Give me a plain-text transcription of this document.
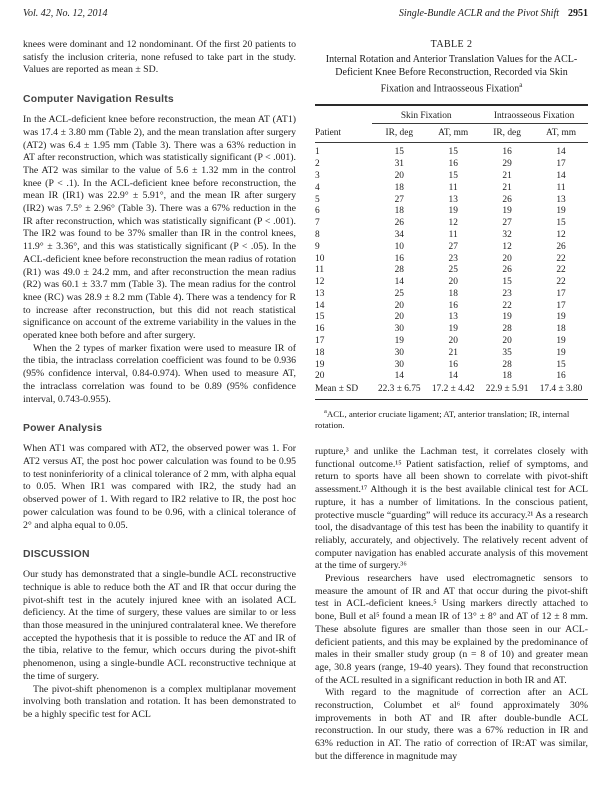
Vol. 42, No. 12, 2014	Single-Bundle ACLR and the Pivot Shift 2951

knees were dominant and 12 nondominant. Of the first 20 patients to satisfy the inclusion criteria, none refused to take part in the study. Values are reported as mean ± SD.

Computer Navigation Results

In the ACL-deficient knee before reconstruction, the mean AT (AT1) was 17.4 ± 3.80 mm (Table 2), and the mean translation after surgery (AT2) was 6.4 ± 1.95 mm (Table 3). There was a 63% reduction in AT after reconstruction, which was statistically significant (P < .001). The AT2 was similar to the value of 5.6 ± 1.32 mm in the control knee (P < .1). In the ACL-deficient knee before reconstruction, the mean IR (IR1) was 22.9° ± 5.91°, and the mean IR after surgery (IR2) was 7.5° ± 2.96° (Table 3). There was a 67% reduction in the IR after reconstruction, which was statistically significant (P < .001). The IR2 was found to be 37% smaller than IR in the control knees, 11.9° ± 3.36°, and this was statistically significant (P < .05). In the ACL-deficient knee before reconstruction the mean radius of rotation (R1) was 49.0 ± 24.2 mm, and after reconstruction the mean radius (R2) was 60.1 ± 33.7 mm (Table 3). The mean radius for the control knee (RC) was 28.9 ± 8.2 mm (Table 4). There was a tendency for R to increase after reconstruction, but this did not reach statistical significance on account of the extreme variability in the values in the operated knee both before and after surgery.

When the 2 types of marker fixation were used to measure IR of the tibia, the intraclass correlation coefficient was found to be 0.936 (95% confidence interval, 0.84-0.974). When used to measure AT, the intraclass correlation was found to be 0.89 (95% confidence interval, 0.743-0.955).

Power Analysis

When AT1 was compared with AT2, the observed power was 1. For AT2 versus AT, the post hoc power calculation was found to be 0.95 to test noninferiority of a clinical tolerance of 2 mm, with alpha equal to 0.05. When IR1 was compared with IR2, the study had an observed power of 1. With regard to IR2 relative to IR, the post hoc power calculation was found to be 0.96, with a clinical tolerance of 2° and alpha equal to 0.05.

DISCUSSION

Our study has demonstrated that a single-bundle ACL reconstructive technique is able to reduce both the AT and IR that occur during the pivot-shift test in the acutely injured knee with an isolated ACL deficiency. At the time of surgery, these values are similar to or less than those measured in the uninjured contralateral knee. We therefore accepted the hypothesis that it is possible to reduce the AT and IR of the tibia, relative to the femur, which occurs during the pivot-shift phenomenon, using a single-bundle ACL reconstructive technique at the time of surgery.

The pivot-shift phenomenon is a complex multiplanar movement involving both translation and rotation. It has been demonstrated to be a highly specific test for ACL

TABLE 2
Internal Rotation and Anterior Translation Values for the ACL-Deficient Knee Before Reconstruction, Recorded via Skin Fixation and Intraosseous Fixation$^a$
	Skin Fixation		Intraosseous Fixation	
Patient	IR, deg	AT, mm	IR, deg	AT, mm
1	15	15	16	14
2	31	16	29	17
3	20	15	21	14
4	18	11	21	11
5	27	13	26	13
6	18	19	19	19
7	26	12	27	15
8	34	11	32	12
9	10	27	12	26
10	16	23	20	22
11	28	25	26	22
12	14	20	15	22
13	25	18	23	17
14	20	16	22	17
15	20	13	19	19
16	30	19	28	18
17	19	20	20	19
18	30	21	35	19
19	30	16	28	15
20	14	14	18	16
Mean ± SD	22.3 ± 6.75	17.2 ± 4.42	22.9 ± 5.91	17.4 ± 3.80
$^a$ACL, anterior cruciate ligament; AT, anterior translation; IR, internal rotation.

rupture,³ and unlike the Lachman test, it correlates closely with functional outcome.¹⁵ Patient satisfaction, relief of symptoms, and return to sports have all been shown to correlate with pivot-shift assessment.¹⁷ Although it is the best available clinical test for ACL rupture, it has a number of limitations. In the conscious patient, protective muscle “guarding” will reduce its accuracy.²¹ As a research tool, the disadvantage of this test has been the inability to quantify it reliably, accurately, and objectively. The relatively recent advent of computer navigation has enabled accurate analysis of this movement at the time of surgery.³⁶

Previous researchers have used electromagnetic sensors to measure the amount of IR and AT that occur during the pivot-shift test in ACL-deficient knees.⁵ Using markers directly attached to bone, Bull et al⁵ found a mean IR of 13° ± 8° and AT of 12 ± 8 mm. These absolute figures are smaller than those seen in our ACL-deficient patients, and this may be explained by the predominance of males in their smaller study group (n = 8 of 10) and greater mean age, 30.8 years (range, 19-40 years). They found that reconstruction of the ACL resulted in a significant reduction in both IR and AT.

With regard to the magnitude of correction after an ACL reconstruction, Columbet et al⁶ found approximately 30% improvements in both AT and IR after double-bundle ACL reconstruction. In our study, there was a 67% reduction in IR and 63% reduction in AT. The ratio of correction of IR:AT was similar, but the difference in magnitude may
